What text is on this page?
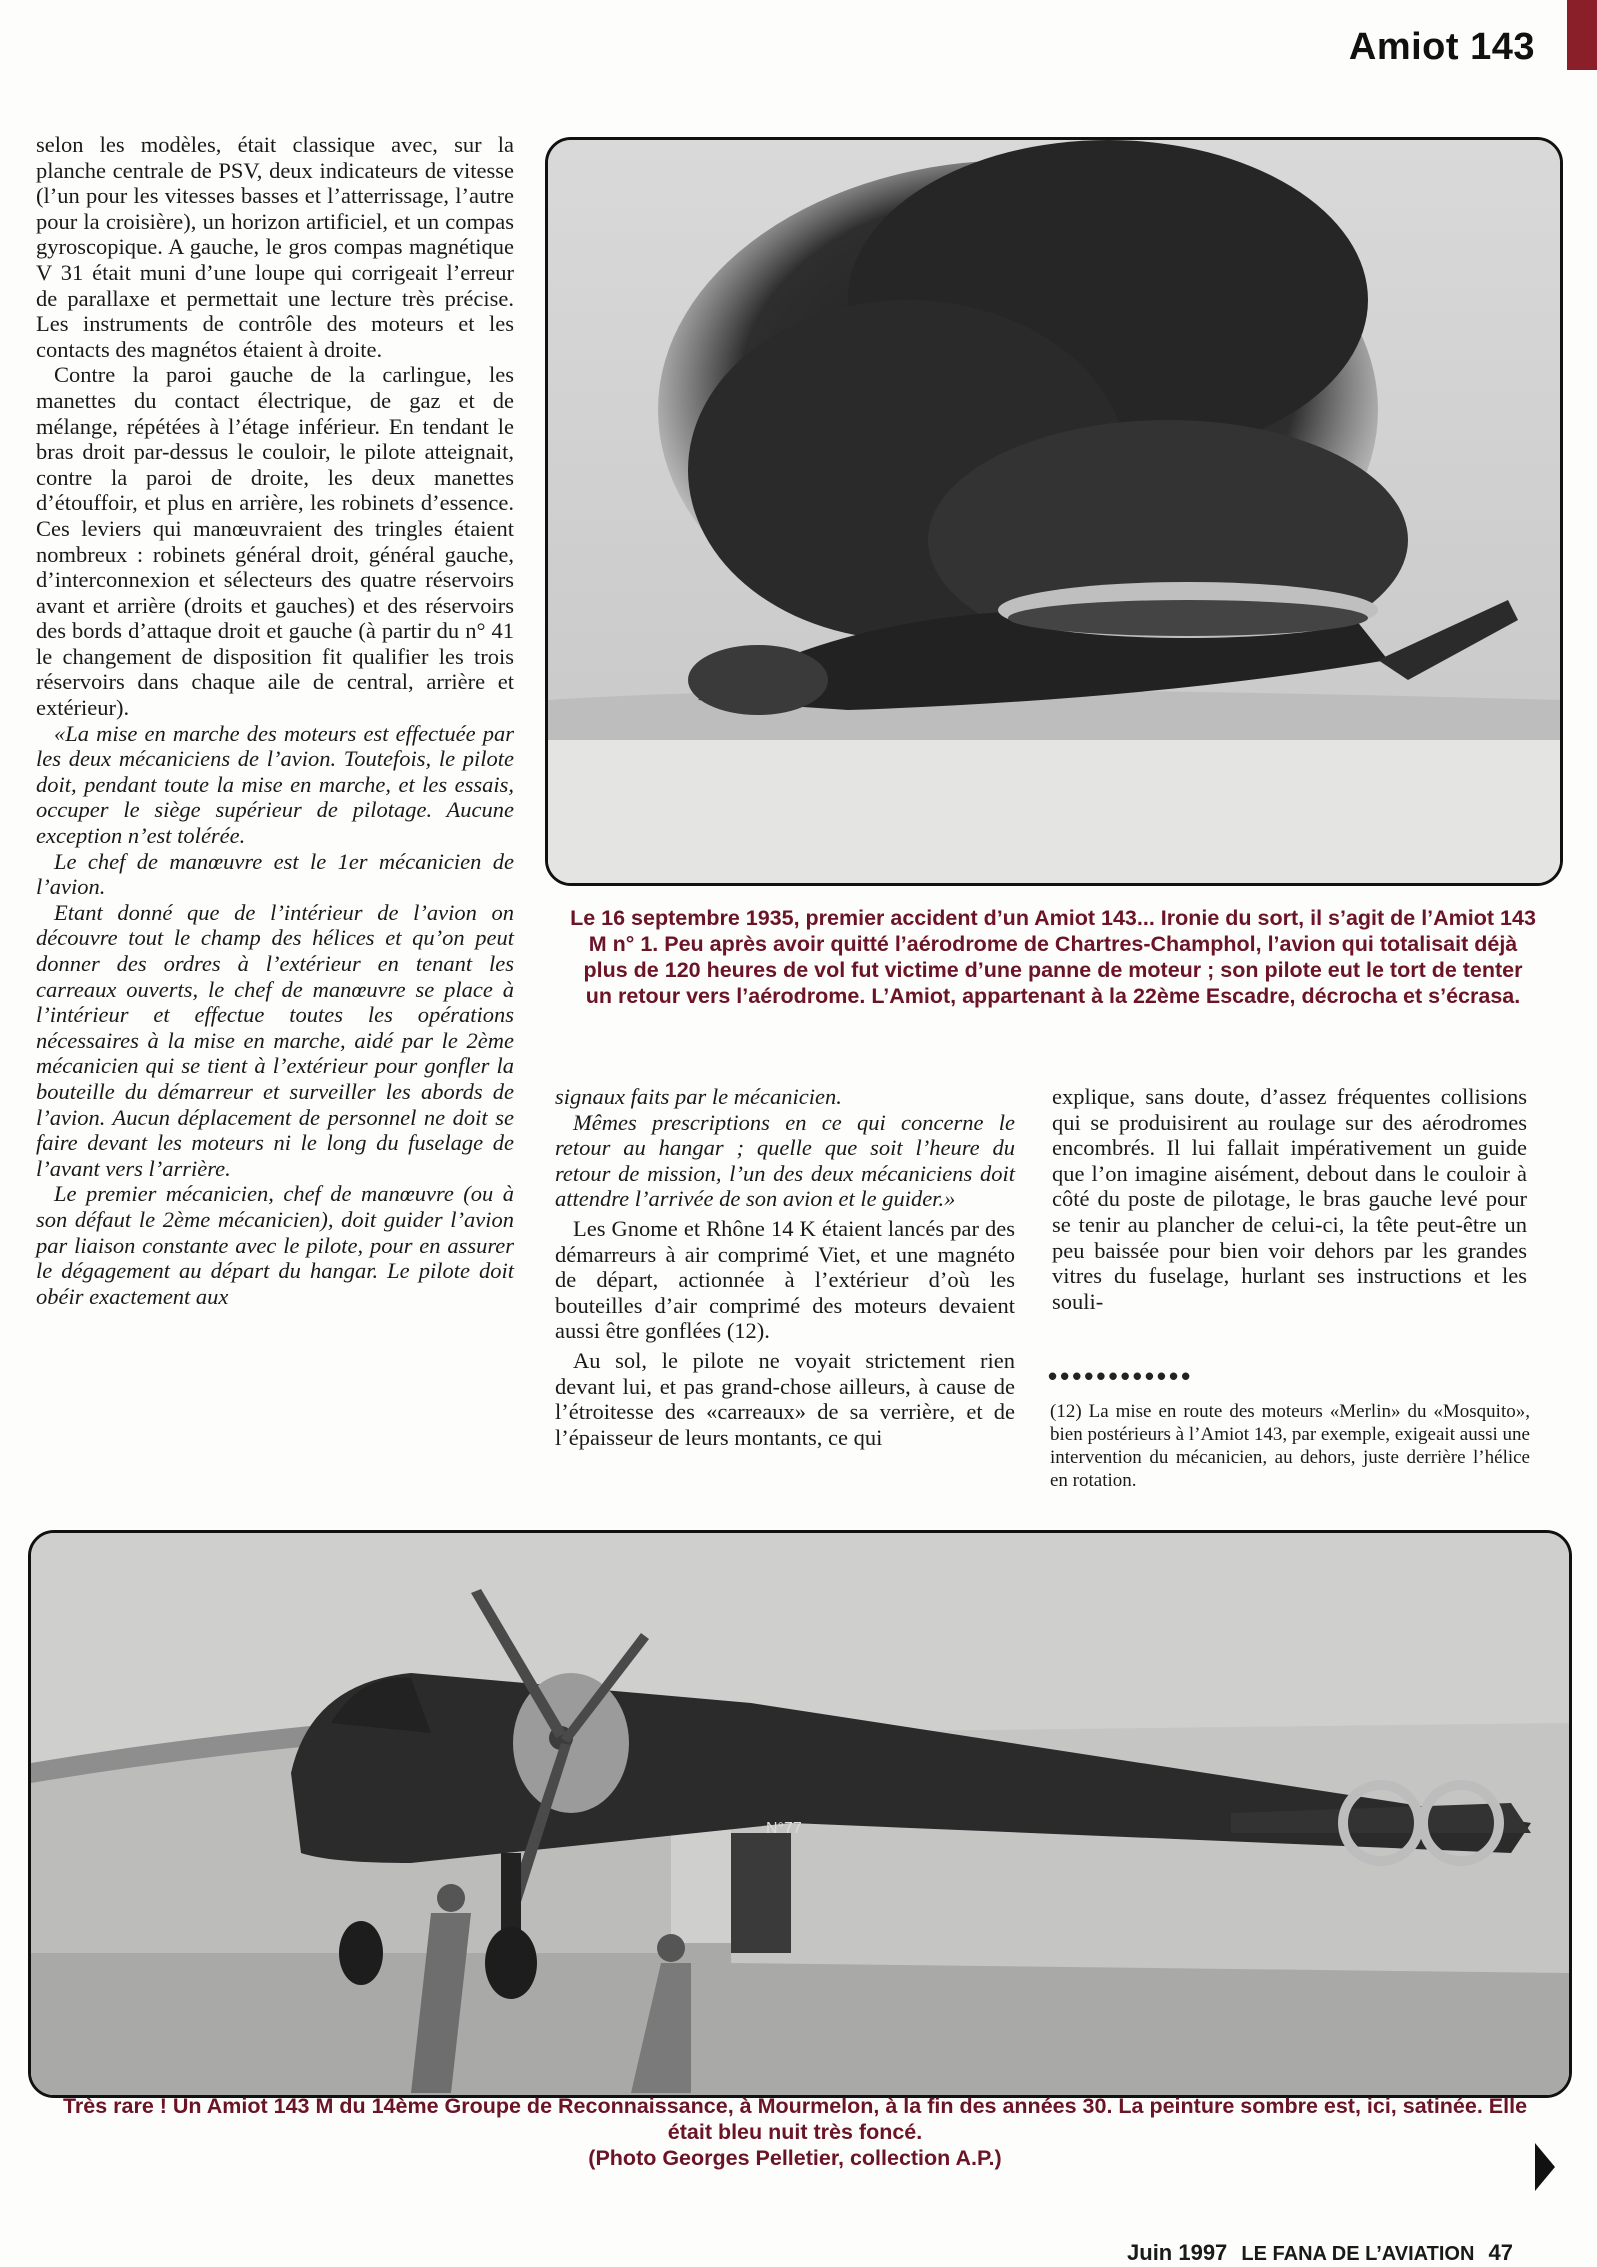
Amiot 143

selon les modèles, était classique avec, sur la planche centrale de PSV, deux indicateurs de vitesse (l’un pour les vitesses basses et l’atterrissage, l’autre pour la croisière), un horizon artificiel, et un compas gyroscopique. A gauche, le gros compas magnétique V 31 était muni d’une loupe qui corrigeait l’erreur de parallaxe et permettait une lecture très précise. Les instruments de contrôle des moteurs et les contacts des magnétos étaient à droite.

Contre la paroi gauche de la carlingue, les manettes du contact électrique, de gaz et de mélange, répétées à l’étage inférieur. En tendant le bras droit par-dessus le couloir, le pilote atteignait, contre la paroi de droite, les deux manettes d’étouffoir, et plus en arrière, les robinets d’essence. Ces leviers qui manœuvraient des tringles étaient nombreux : robinets général droit, général gauche, d’interconnexion et sélecteurs des quatre réservoirs avant et arrière (droits et gauches) et des réservoirs des bords d’attaque droit et gauche (à partir du n° 41 le changement de disposition fit qualifier les trois réservoirs dans chaque aile de central, arrière et extérieur).

«La mise en marche des moteurs est effectuée par les deux mécaniciens de l’avion. Toutefois, le pilote doit, pendant toute la mise en marche, et les essais, occuper le siège supérieur de pilotage. Aucune exception n’est tolérée.

Le chef de manœuvre est le 1er mécanicien de l’avion.

Etant donné que de l’intérieur de l’avion on découvre tout le champ des hélices et qu’on peut donner des ordres à l’extérieur en tenant les carreaux ouverts, le chef de manœuvre se place à l’intérieur et effectue toutes les opérations nécessaires à la mise en marche, aidé par le 2ème mécanicien qui se tient à l’extérieur pour gonfler la bouteille du démarreur et surveiller les abords de l’avion. Aucun déplacement de personnel ne doit se faire devant les moteurs ni le long du fuselage de l’avant vers l’arrière.

Le premier mécanicien, chef de manœuvre (ou à son défaut le 2ème mécanicien), doit guider l’avion par liaison constante avec le pilote, pour en assurer le dégagement au départ du hangar. Le pilote doit obéir exactement aux

Le 16 septembre 1935, premier accident d’un Amiot 143... Ironie du sort, il s’agit de l’Amiot 143 M n° 1. Peu après avoir quitté l’aérodrome de Chartres-Champhol, l’avion qui totalisait déjà plus de 120 heures de vol fut victime d’une panne de moteur ; son pilote eut le tort de tenter un retour vers l’aérodrome. L’Amiot, appartenant à la 22ème Escadre, décrocha et s’écrasa.

signaux faits par le mécanicien.

Mêmes prescriptions en ce qui concerne le retour au hangar ; quelle que soit l’heure du retour de mission, l’un des deux mécaniciens doit attendre l’arrivée de son avion et le guider.»

Les Gnome et Rhône 14 K étaient lancés par des démarreurs à air comprimé Viet, et une magnéto de départ, actionnée à l’extérieur d’où les bouteilles d’air comprimé des moteurs devaient aussi être gonflées (12).

Au sol, le pilote ne voyait strictement rien devant lui, et pas grand-chose ailleurs, à cause de l’étroitesse des «carreaux» de sa verrière, et de l’épaisseur de leurs montants, ce qui

explique, sans doute, d’assez fréquentes collisions qui se produisirent au roulage sur des aérodromes encombrés. Il lui fallait impérativement un guide que l’on imagine aisément, debout dans le couloir à côté du poste de pilotage, le bras gauche levé pour se tenir au plancher de celui-ci, la tête peut-être un peu baissée pour bien voir dehors par les grandes vitres du fuselage, hurlant ses instructions et les souli-

••••••••••••
(12) La mise en route des moteurs «Merlin» du «Mosquito», bien postérieurs à l’Amiot 143, par exemple, exigeait aussi une intervention du mécanicien, au dehors, juste derrière l’hélice en rotation.
N°77
Très rare ! Un Amiot 143 M du 14ème Groupe de Reconnaissance, à Mourmelon, à la fin des années 30. La peinture sombre est, ici, satinée. Elle était bleu nuit très foncé.
(Photo Georges Pelletier, collection A.P.)
Juin 1997 LE FANA DE L’AVIATION 47
